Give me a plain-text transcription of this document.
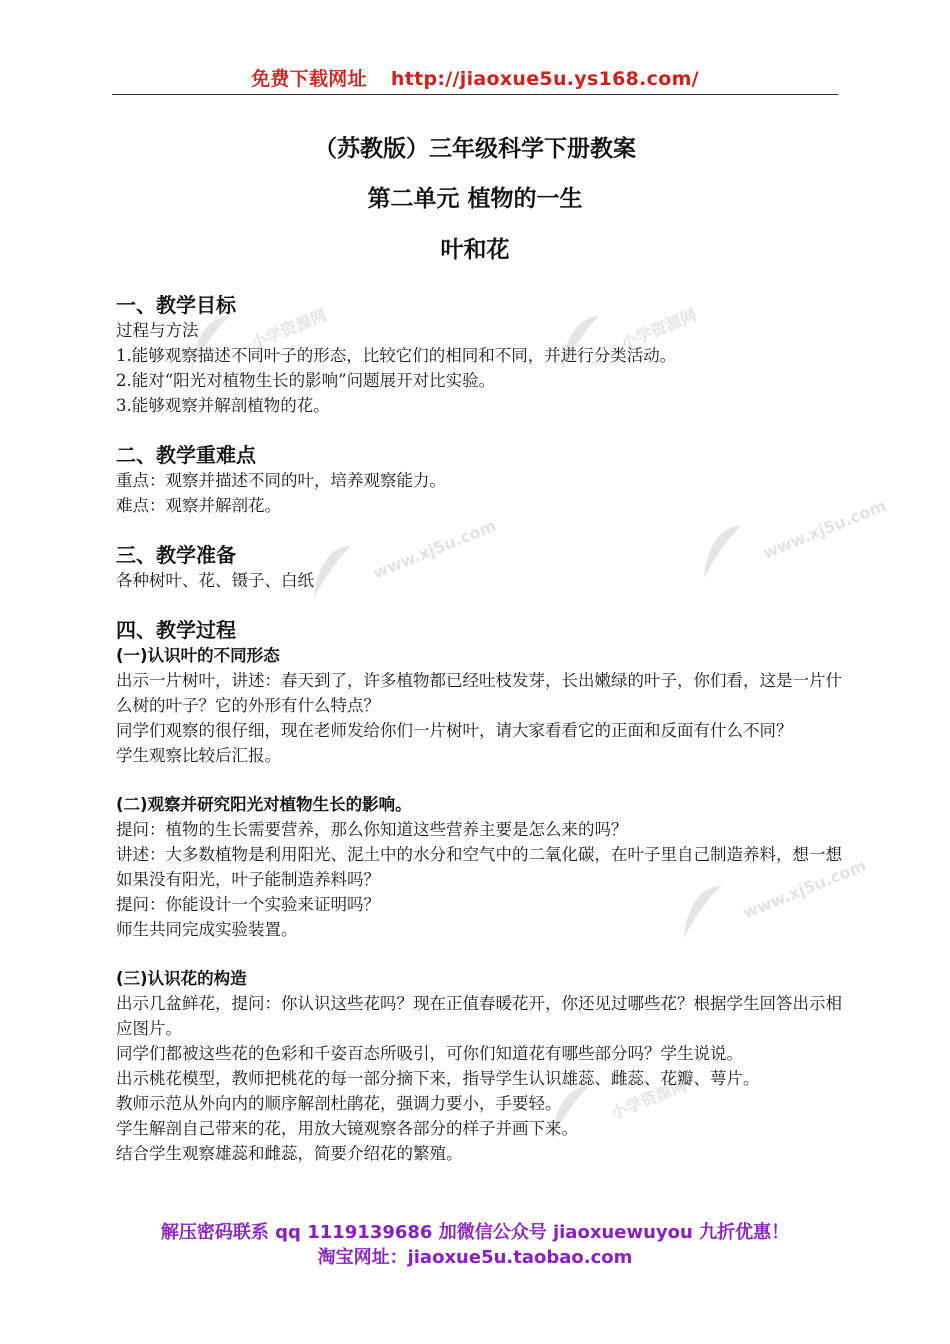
免费下载网址 http://jiaoxue5u.ys168.com/
（苏教版）三年级科学下册教案
第二单元 植物的一生
叶和花
小学资源网	小学资源网
www.xj5u.com	www.xj5u.com
www.xj5u.com
小学资源网

一、教学目标

过程与方法

1.能够观察描述不同叶子的形态，比较它们的相同和不同，并进行分类活动。

2.能对“阳光对植物生长的影响”问题展开对比实验。

3.能够观察并解剖植物的花。

二、教学重难点

重点：观察并描述不同的叶，培养观察能力。

难点：观察并解剖花。

三、教学准备

各种树叶、花、镊子、白纸

四、教学过程

(一)认识叶的不同形态

出示一片树叶，讲述：春天到了，许多植物都已经吐枝发芽，长出嫩绿的叶子，你们看，这是一片什么树的叶子？它的外形有什么特点？

同学们观察的很仔细，现在老师发给你们一片树叶，请大家看看它的正面和反面有什么不同？

学生观察比较后汇报。

(二)观察并研究阳光对植物生长的影响。

提问：植物的生长需要营养，那么你知道这些营养主要是怎么来的吗？

讲述：大多数植物是利用阳光、泥土中的水分和空气中的二氧化碳，在叶子里自己制造养料，想一想如果没有阳光，叶子能制造养料吗？

提问：你能设计一个实验来证明吗？

师生共同完成实验装置。

(三)认识花的构造

出示几盆鲜花，提问：你认识这些花吗？现在正值春暖花开，你还见过哪些花？根据学生回答出示相应图片。

同学们都被这些花的色彩和千姿百态所吸引，可你们知道花有哪些部分吗？学生说说。

出示桃花模型，教师把桃花的每一部分摘下来，指导学生认识雄蕊、雌蕊、花瓣、萼片。

教师示范从外向内的顺序解剖杜鹃花，强调力要小，手要轻。

学生解剖自己带来的花，用放大镜观察各部分的样子并画下来。

结合学生观察雄蕊和雌蕊，简要介绍花的繁殖。

解压密码联系 qq 1119139686 加微信公众号 jiaoxuewuyou 九折优惠！
淘宝网址：jiaoxue5u.taobao.com
